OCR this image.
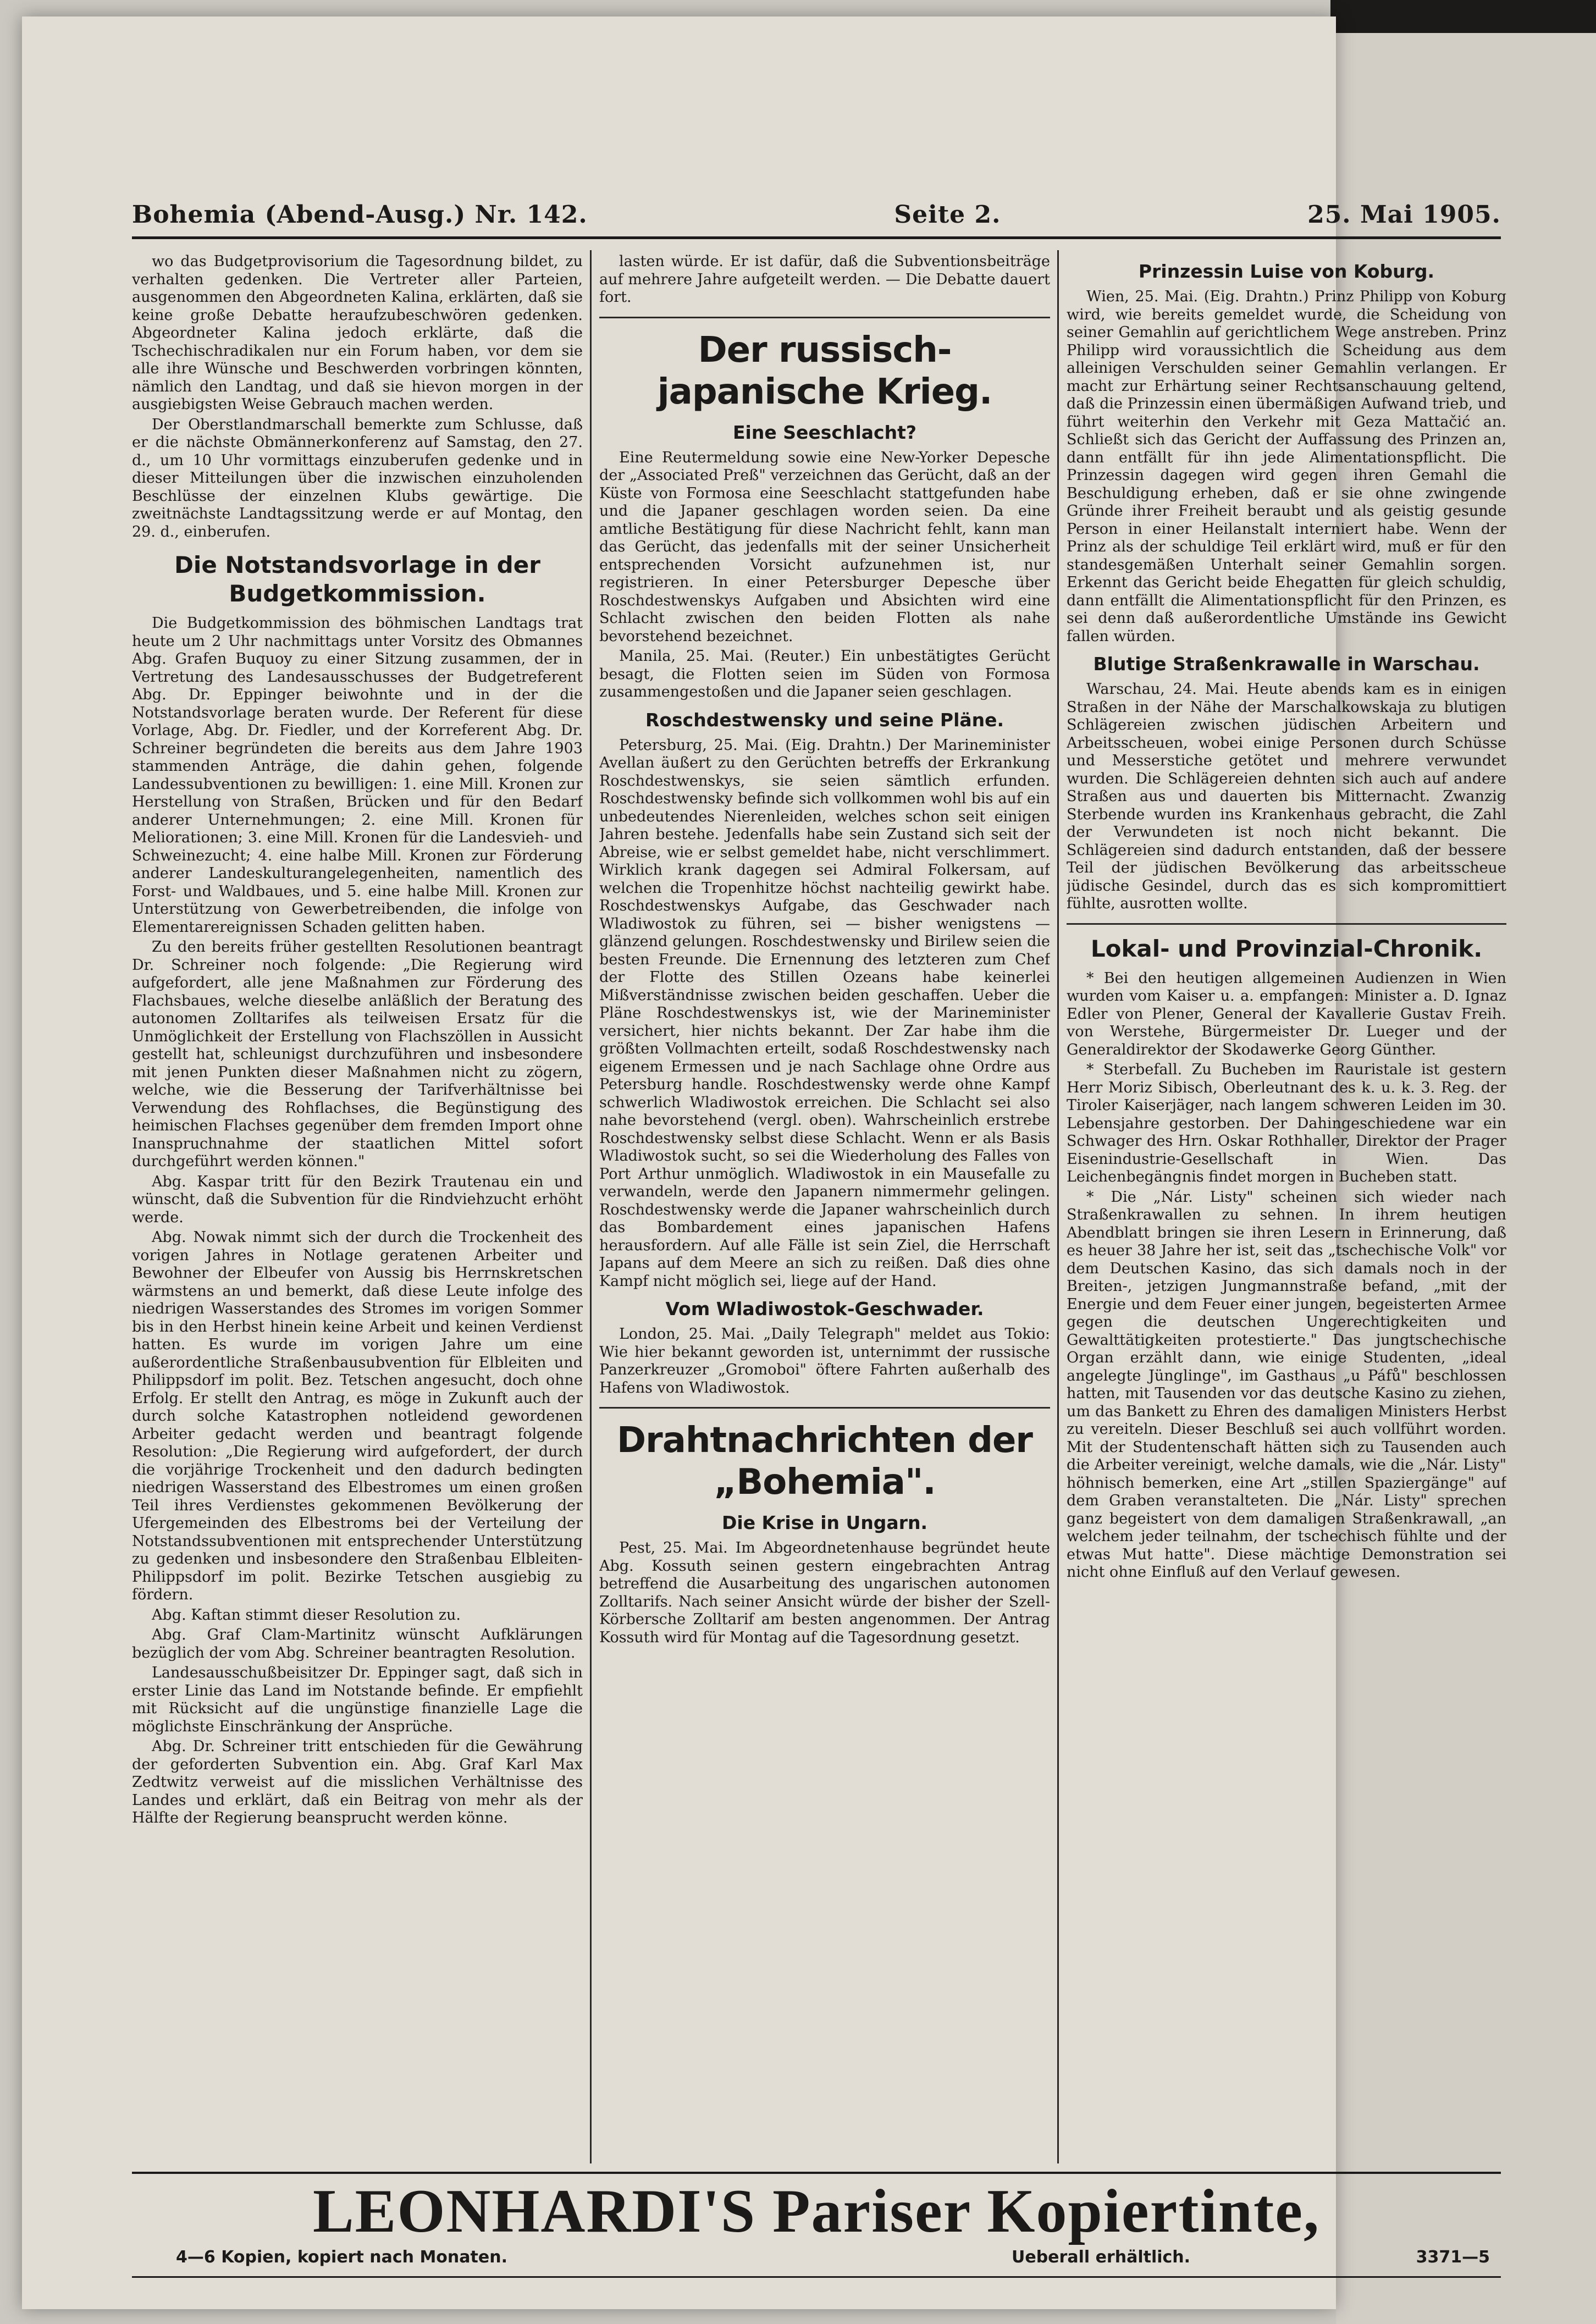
Bohemia (Abend-Ausg.) Nr. 142.	Seite 2.	25. Mai 1905.

wo das Budgetprovisorium die Tagesordnung bildet, zu verhalten gedenken. Die Vertreter aller Parteien, ausgenommen den Abgeordneten Kalina, erklärten, daß sie keine große Debatte heraufzubeschwören gedenken. Abgeordneter Kalina jedoch erklärte, daß die Tschechischradikalen nur ein Forum haben, vor dem sie alle ihre Wünsche und Beschwerden vorbringen könnten, nämlich den Landtag, und daß sie hievon morgen in der ausgiebigsten Weise Gebrauch machen werden.

Der Oberstlandmarschall bemerkte zum Schlusse, daß er die nächste Obmännerkonferenz auf Samstag, den 27. d., um 10 Uhr vormittags einzuberufen gedenke und in dieser Mitteilungen über die inzwischen einzuholenden Beschlüsse der einzelnen Klubs gewärtige. Die zweitnächste Landtagssitzung werde er auf Montag, den 29. d., einberufen.

Die Notstandsvorlage in der Budgetkommission.

Die Budgetkommission des böhmischen Landtags trat heute um 2 Uhr nachmittags unter Vorsitz des Obmannes Abg. Grafen Buquoy zu einer Sitzung zusammen, der in Vertretung des Landesausschusses der Budgetreferent Abg. Dr. Eppinger beiwohnte und in der die Notstandsvorlage beraten wurde. Der Referent für diese Vorlage, Abg. Dr. Fiedler, und der Korreferent Abg. Dr. Schreiner begründeten die bereits aus dem Jahre 1903 stammenden Anträge, die dahin gehen, folgende Landessubventionen zu bewilligen: 1. eine Mill. Kronen zur Herstellung von Straßen, Brücken und für den Bedarf anderer Unternehmungen; 2. eine Mill. Kronen für Meliorationen; 3. eine Mill. Kronen für die Landesvieh- und Schweinezucht; 4. eine halbe Mill. Kronen zur Förderung anderer Landeskulturangelegenheiten, namentlich des Forst- und Waldbaues, und 5. eine halbe Mill. Kronen zur Unterstützung von Gewerbetreibenden, die infolge von Elementarereignissen Schaden gelitten haben.

Zu den bereits früher gestellten Resolutionen beantragt Dr. Schreiner noch folgende: „Die Regierung wird aufgefordert, alle jene Maßnahmen zur Förderung des Flachsbaues, welche dieselbe anläßlich der Beratung des autonomen Zolltarifes als teilweisen Ersatz für die Unmöglichkeit der Erstellung von Flachszöllen in Aussicht gestellt hat, schleunigst durchzuführen und insbesondere mit jenen Punkten dieser Maßnahmen nicht zu zögern, welche, wie die Besserung der Tarifverhältnisse bei Verwendung des Rohflachses, die Begünstigung des heimischen Flachses gegenüber dem fremden Import ohne Inanspruchnahme der staatlichen Mittel sofort durchgeführt werden können."

Abg. Kaspar tritt für den Bezirk Trautenau ein und wünscht, daß die Subvention für die Rindviehzucht erhöht werde.

Abg. Nowak nimmt sich der durch die Trockenheit des vorigen Jahres in Notlage geratenen Arbeiter und Bewohner der Elbeufer von Aussig bis Herrnskretschen wärmstens an und bemerkt, daß diese Leute infolge des niedrigen Wasserstandes des Stromes im vorigen Sommer bis in den Herbst hinein keine Arbeit und keinen Verdienst hatten. Es wurde im vorigen Jahre um eine außerordentliche Straßenbausubvention für Elbleiten und Philippsdorf im polit. Bez. Tetschen angesucht, doch ohne Erfolg. Er stellt den Antrag, es möge in Zukunft auch der durch solche Katastrophen notleidend gewordenen Arbeiter gedacht werden und beantragt folgende Resolution: „Die Regierung wird aufgefordert, der durch die vorjährige Trockenheit und den dadurch bedingten niedrigen Wasserstand des Elbestromes um einen großen Teil ihres Verdienstes gekommenen Bevölkerung der Ufergemeinden des Elbestroms bei der Verteilung der Notstandssubventionen mit entsprechender Unterstützung zu gedenken und insbesondere den Straßenbau Elbleiten-Philippsdorf im polit. Bezirke Tetschen ausgiebig zu fördern.

Abg. Kaftan stimmt dieser Resolution zu.

Abg. Graf Clam-Martinitz wünscht Aufklärungen bezüglich der vom Abg. Schreiner beantragten Resolution.

Landesausschußbeisitzer Dr. Eppinger sagt, daß sich in erster Linie das Land im Notstande befinde. Er empfiehlt mit Rücksicht auf die ungünstige finanzielle Lage die möglichste Einschränkung der Ansprüche.

Abg. Dr. Schreiner tritt entschieden für die Gewährung der geforderten Subvention ein. Abg. Graf Karl Max Zedtwitz verweist auf die misslichen Verhältnisse des Landes und erklärt, daß ein Beitrag von mehr als der Hälfte der Regierung beansprucht werden könne.

lasten würde. Er ist dafür, daß die Subventionsbeiträge auf mehrere Jahre aufgeteilt werden. — Die Debatte dauert fort.

Der russisch-japanische Krieg.
Eine Seeschlacht?

Eine Reutermeldung sowie eine New-Yorker Depesche der „Associated Preß" verzeichnen das Gerücht, daß an der Küste von Formosa eine Seeschlacht stattgefunden habe und die Japaner geschlagen worden seien. Da eine amtliche Bestätigung für diese Nachricht fehlt, kann man das Gerücht, das jedenfalls mit der seiner Unsicherheit entsprechenden Vorsicht aufzunehmen ist, nur registrieren. In einer Petersburger Depesche über Roschdestwenskys Aufgaben und Absichten wird eine Schlacht zwischen den beiden Flotten als nahe bevorstehend bezeichnet.

Manila, 25. Mai. (Reuter.) Ein unbestätigtes Gerücht besagt, die Flotten seien im Süden von Formosa zusammengestoßen und die Japaner seien geschlagen.

Roschdestwensky und seine Pläne.

Petersburg, 25. Mai. (Eig. Drahtn.) Der Marineminister Avellan äußert zu den Gerüchten betreffs der Erkrankung Roschdestwenskys, sie seien sämtlich erfunden. Roschdestwensky befinde sich vollkommen wohl bis auf ein unbedeutendes Nierenleiden, welches schon seit einigen Jahren bestehe. Jedenfalls habe sein Zustand sich seit der Abreise, wie er selbst gemeldet habe, nicht verschlimmert. Wirklich krank dagegen sei Admiral Folkersam, auf welchen die Tropenhitze höchst nachteilig gewirkt habe. Roschdestwenskys Aufgabe, das Geschwader nach Wladiwostok zu führen, sei — bisher wenigstens — glänzend gelungen. Roschdestwensky und Birilew seien die besten Freunde. Die Ernennung des letzteren zum Chef der Flotte des Stillen Ozeans habe keinerlei Mißverständnisse zwischen beiden geschaffen. Ueber die Pläne Roschdestwenskys ist, wie der Marineminister versichert, hier nichts bekannt. Der Zar habe ihm die größten Vollmachten erteilt, sodaß Roschdestwensky nach eigenem Ermessen und je nach Sachlage ohne Ordre aus Petersburg handle. Roschdestwensky werde ohne Kampf schwerlich Wladiwostok erreichen. Die Schlacht sei also nahe bevorstehend (vergl. oben). Wahrscheinlich erstrebe Roschdestwensky selbst diese Schlacht. Wenn er als Basis Wladiwostok sucht, so sei die Wiederholung des Falles von Port Arthur unmöglich. Wladiwostok in ein Mausefalle zu verwandeln, werde den Japanern nimmermehr gelingen. Roschdestwensky werde die Japaner wahrscheinlich durch das Bombardement eines japanischen Hafens herausfordern. Auf alle Fälle ist sein Ziel, die Herrschaft Japans auf dem Meere an sich zu reißen. Daß dies ohne Kampf nicht möglich sei, liege auf der Hand.

Vom Wladiwostok-Geschwader.

London, 25. Mai. „Daily Telegraph" meldet aus Tokio: Wie hier bekannt geworden ist, unternimmt der russische Panzerkreuzer „Gromoboi" öftere Fahrten außerhalb des Hafens von Wladiwostok.

Drahtnachrichten der „Bohemia".
Die Krise in Ungarn.

Pest, 25. Mai. Im Abgeordnetenhause begründet heute Abg. Kossuth seinen gestern eingebrachten Antrag betreffend die Ausarbeitung des ungarischen autonomen Zolltarifs. Nach seiner Ansicht würde der bisher der Szell-Körbersche Zolltarif am besten angenommen. Der Antrag Kossuth wird für Montag auf die Tagesordnung gesetzt.

Prinzessin Luise von Koburg.

Wien, 25. Mai. (Eig. Drahtn.) Prinz Philipp von Koburg wird, wie bereits gemeldet wurde, die Scheidung von seiner Gemahlin auf gerichtlichem Wege anstreben. Prinz Philipp wird voraussichtlich die Scheidung aus dem alleinigen Verschulden seiner Gemahlin verlangen. Er macht zur Erhärtung seiner Rechtsanschauung geltend, daß die Prinzessin einen übermäßigen Aufwand trieb, und führt weiterhin den Verkehr mit Geza Mattačić an. Schließt sich das Gericht der Auffassung des Prinzen an, dann entfällt für ihn jede Alimentationspflicht. Die Prinzessin dagegen wird gegen ihren Gemahl die Beschuldigung erheben, daß er sie ohne zwingende Gründe ihrer Freiheit beraubt und als geistig gesunde Person in einer Heilanstalt interniert habe. Wenn der Prinz als der schuldige Teil erklärt wird, muß er für den standesgemäßen Unterhalt seiner Gemahlin sorgen. Erkennt das Gericht beide Ehegatten für gleich schuldig, dann entfällt die Alimentationspflicht für den Prinzen, es sei denn daß außerordentliche Umstände ins Gewicht fallen würden.

Blutige Straßenkrawalle in Warschau.

Warschau, 24. Mai. Heute abends kam es in einigen Straßen in der Nähe der Marschalkowskaja zu blutigen Schlägereien zwischen jüdischen Arbeitern und Arbeitsscheuen, wobei einige Personen durch Schüsse und Messerstiche getötet und mehrere verwundet wurden. Die Schlägereien dehnten sich auch auf andere Straßen aus und dauerten bis Mitternacht. Zwanzig Sterbende wurden ins Krankenhaus gebracht, die Zahl der Verwundeten ist noch nicht bekannt. Die Schlägereien sind dadurch entstanden, daß der bessere Teil der jüdischen Bevölkerung das arbeitsscheue jüdische Gesindel, durch das es sich kompromittiert fühlte, ausrotten wollte.

Lokal- und Provinzial-Chronik.

* Bei den heutigen allgemeinen Audienzen in Wien wurden vom Kaiser u. a. empfangen: Minister a. D. Ignaz Edler von Plener, General der Kavallerie Gustav Freih. von Werstehe, Bürgermeister Dr. Lueger und der Generaldirektor der Skodawerke Georg Günther.

* Sterbefall. Zu Bucheben im Rauristale ist gestern Herr Moriz Sibisch, Oberleutnant des k. u. k. 3. Reg. der Tiroler Kaiserjäger, nach langem schweren Leiden im 30. Lebensjahre gestorben. Der Dahingeschiedene war ein Schwager des Hrn. Oskar Rothhaller, Direktor der Prager Eisenindustrie-Gesellschaft in Wien. Das Leichenbegängnis findet morgen in Bucheben statt.

* Die „Nár. Listy" scheinen sich wieder nach Straßenkrawallen zu sehnen. In ihrem heutigen Abendblatt bringen sie ihren Lesern in Erinnerung, daß es heuer 38 Jahre her ist, seit das „tschechische Volk" vor dem Deutschen Kasino, das sich damals noch in der Breiten-, jetzigen Jungmannstraße befand, „mit der Energie und dem Feuer einer jungen, begeisterten Armee gegen die deutschen Ungerechtigkeiten und Gewalttätigkeiten protestierte." Das jungtschechische Organ erzählt dann, wie einige Studenten, „ideal angelegte Jünglinge", im Gasthaus „u Páfů" beschlossen hatten, mit Tausenden vor das deutsche Kasino zu ziehen, um das Bankett zu Ehren des damaligen Ministers Herbst zu vereiteln. Dieser Beschluß sei auch vollführt worden. Mit der Studentenschaft hätten sich zu Tausenden auch die Arbeiter vereinigt, welche damals, wie die „Nár. Listy" höhnisch bemerken, eine Art „stillen Spaziergänge" auf dem Graben veranstalteten. Die „Nár. Listy" sprechen ganz begeistert von dem damaligen Straßenkrawall, „an welchem jeder teilnahm, der tschechisch fühlte und der etwas Mut hatte". Diese mächtige Demonstration sei nicht ohne Einfluß auf den Verlauf gewesen.

LEONHARDI'S Pariser Kopiertinte,
4—6 Kopien, kopiert nach Monaten.	Ueberall erhältlich.	3371—5
